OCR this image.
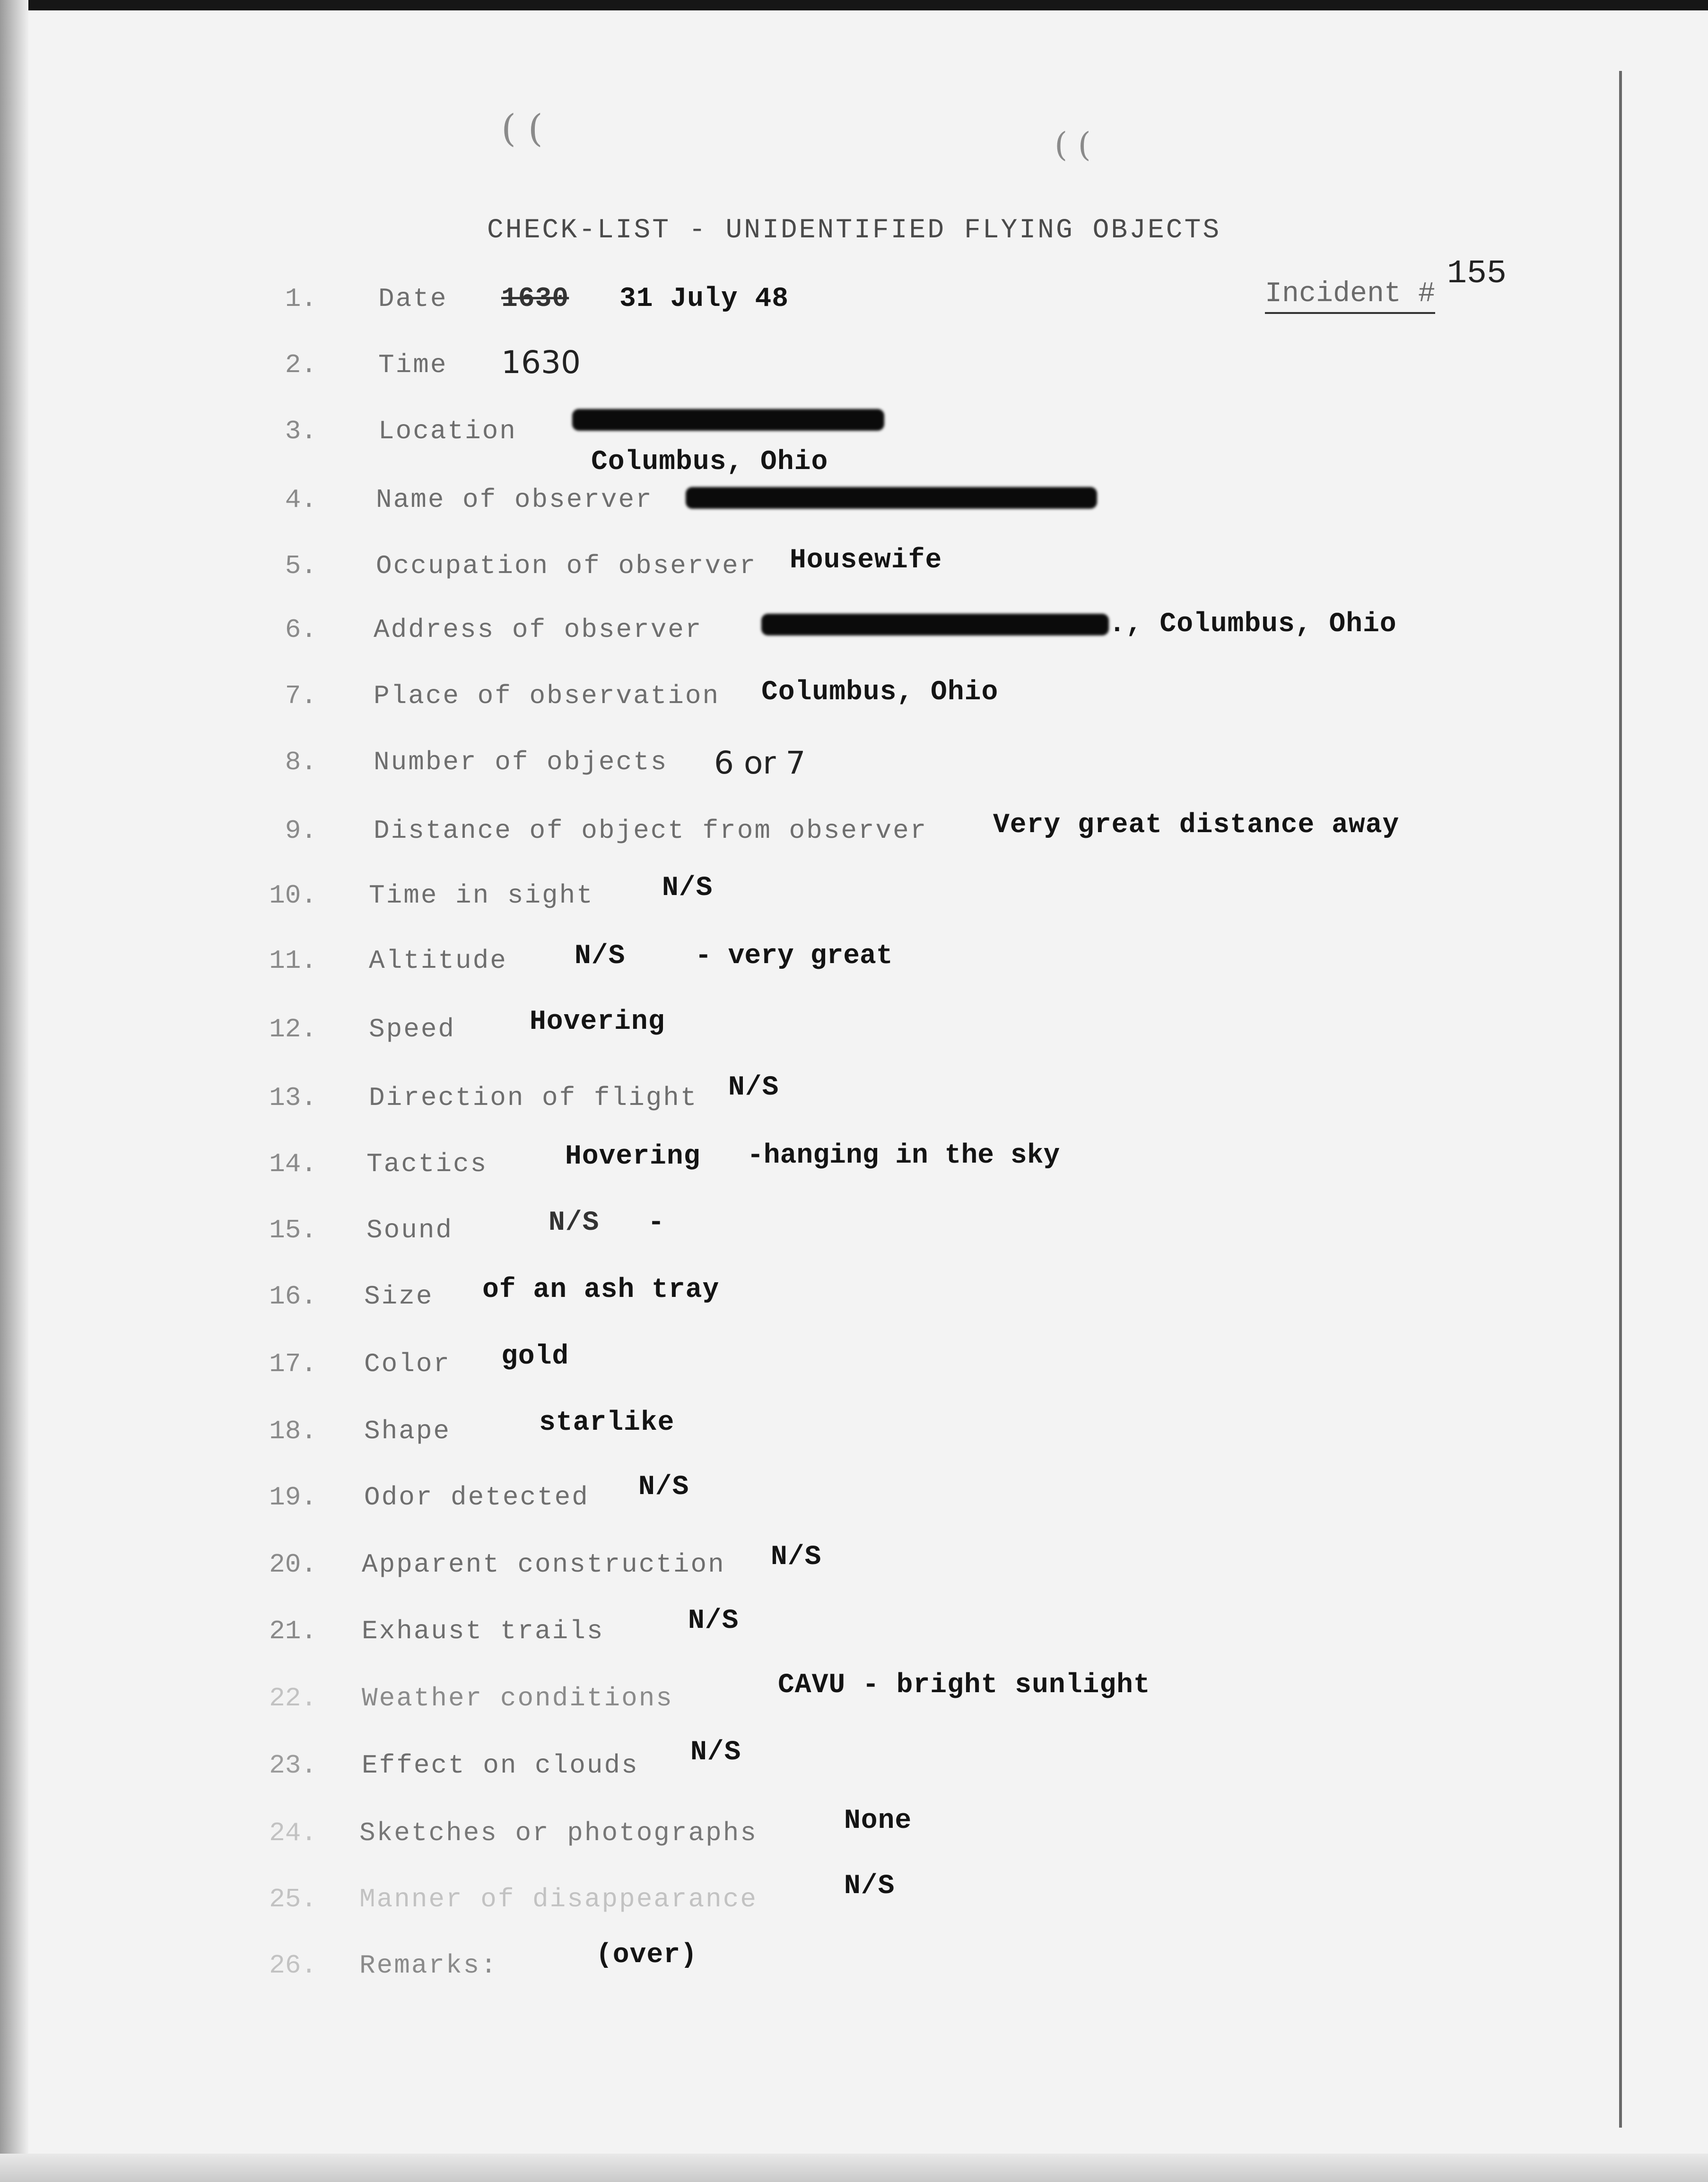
( (	( (
CHECK-LIST - UNIDENTIFIED FLYING OBJECTS
Incident #
155
1. Date 1630 31 July 48
2. Time 1630
3. Location
Columbus, Ohio
4. Name of observer
5. Occupation of observer Housewife
6. Address of observer	., Columbus, Ohio
7. Place of observation Columbus, Ohio
8. Number of objects 6 or 7
9. Distance of object from observer Very great distance away
10. Time in sight N/S
11. Altitude N/S	- very great
12. Speed	Hovering
13. Direction of flight N/S
14. Tactics	Hovering -hanging in the sky
15. Sound	N/S -
16. Size of an ash tray
17. Color gold
18. Shape	starlike
19. Odor detected N/S
20. Apparent construction N/S
21. Exhaust trails	N/S
22. Weather conditions	CAVU - bright sunlight
23. Effect on clouds N/S
24. Sketches or photographs	None
25. Manner of disappearance	N/S
26. Remarks:	(over)
